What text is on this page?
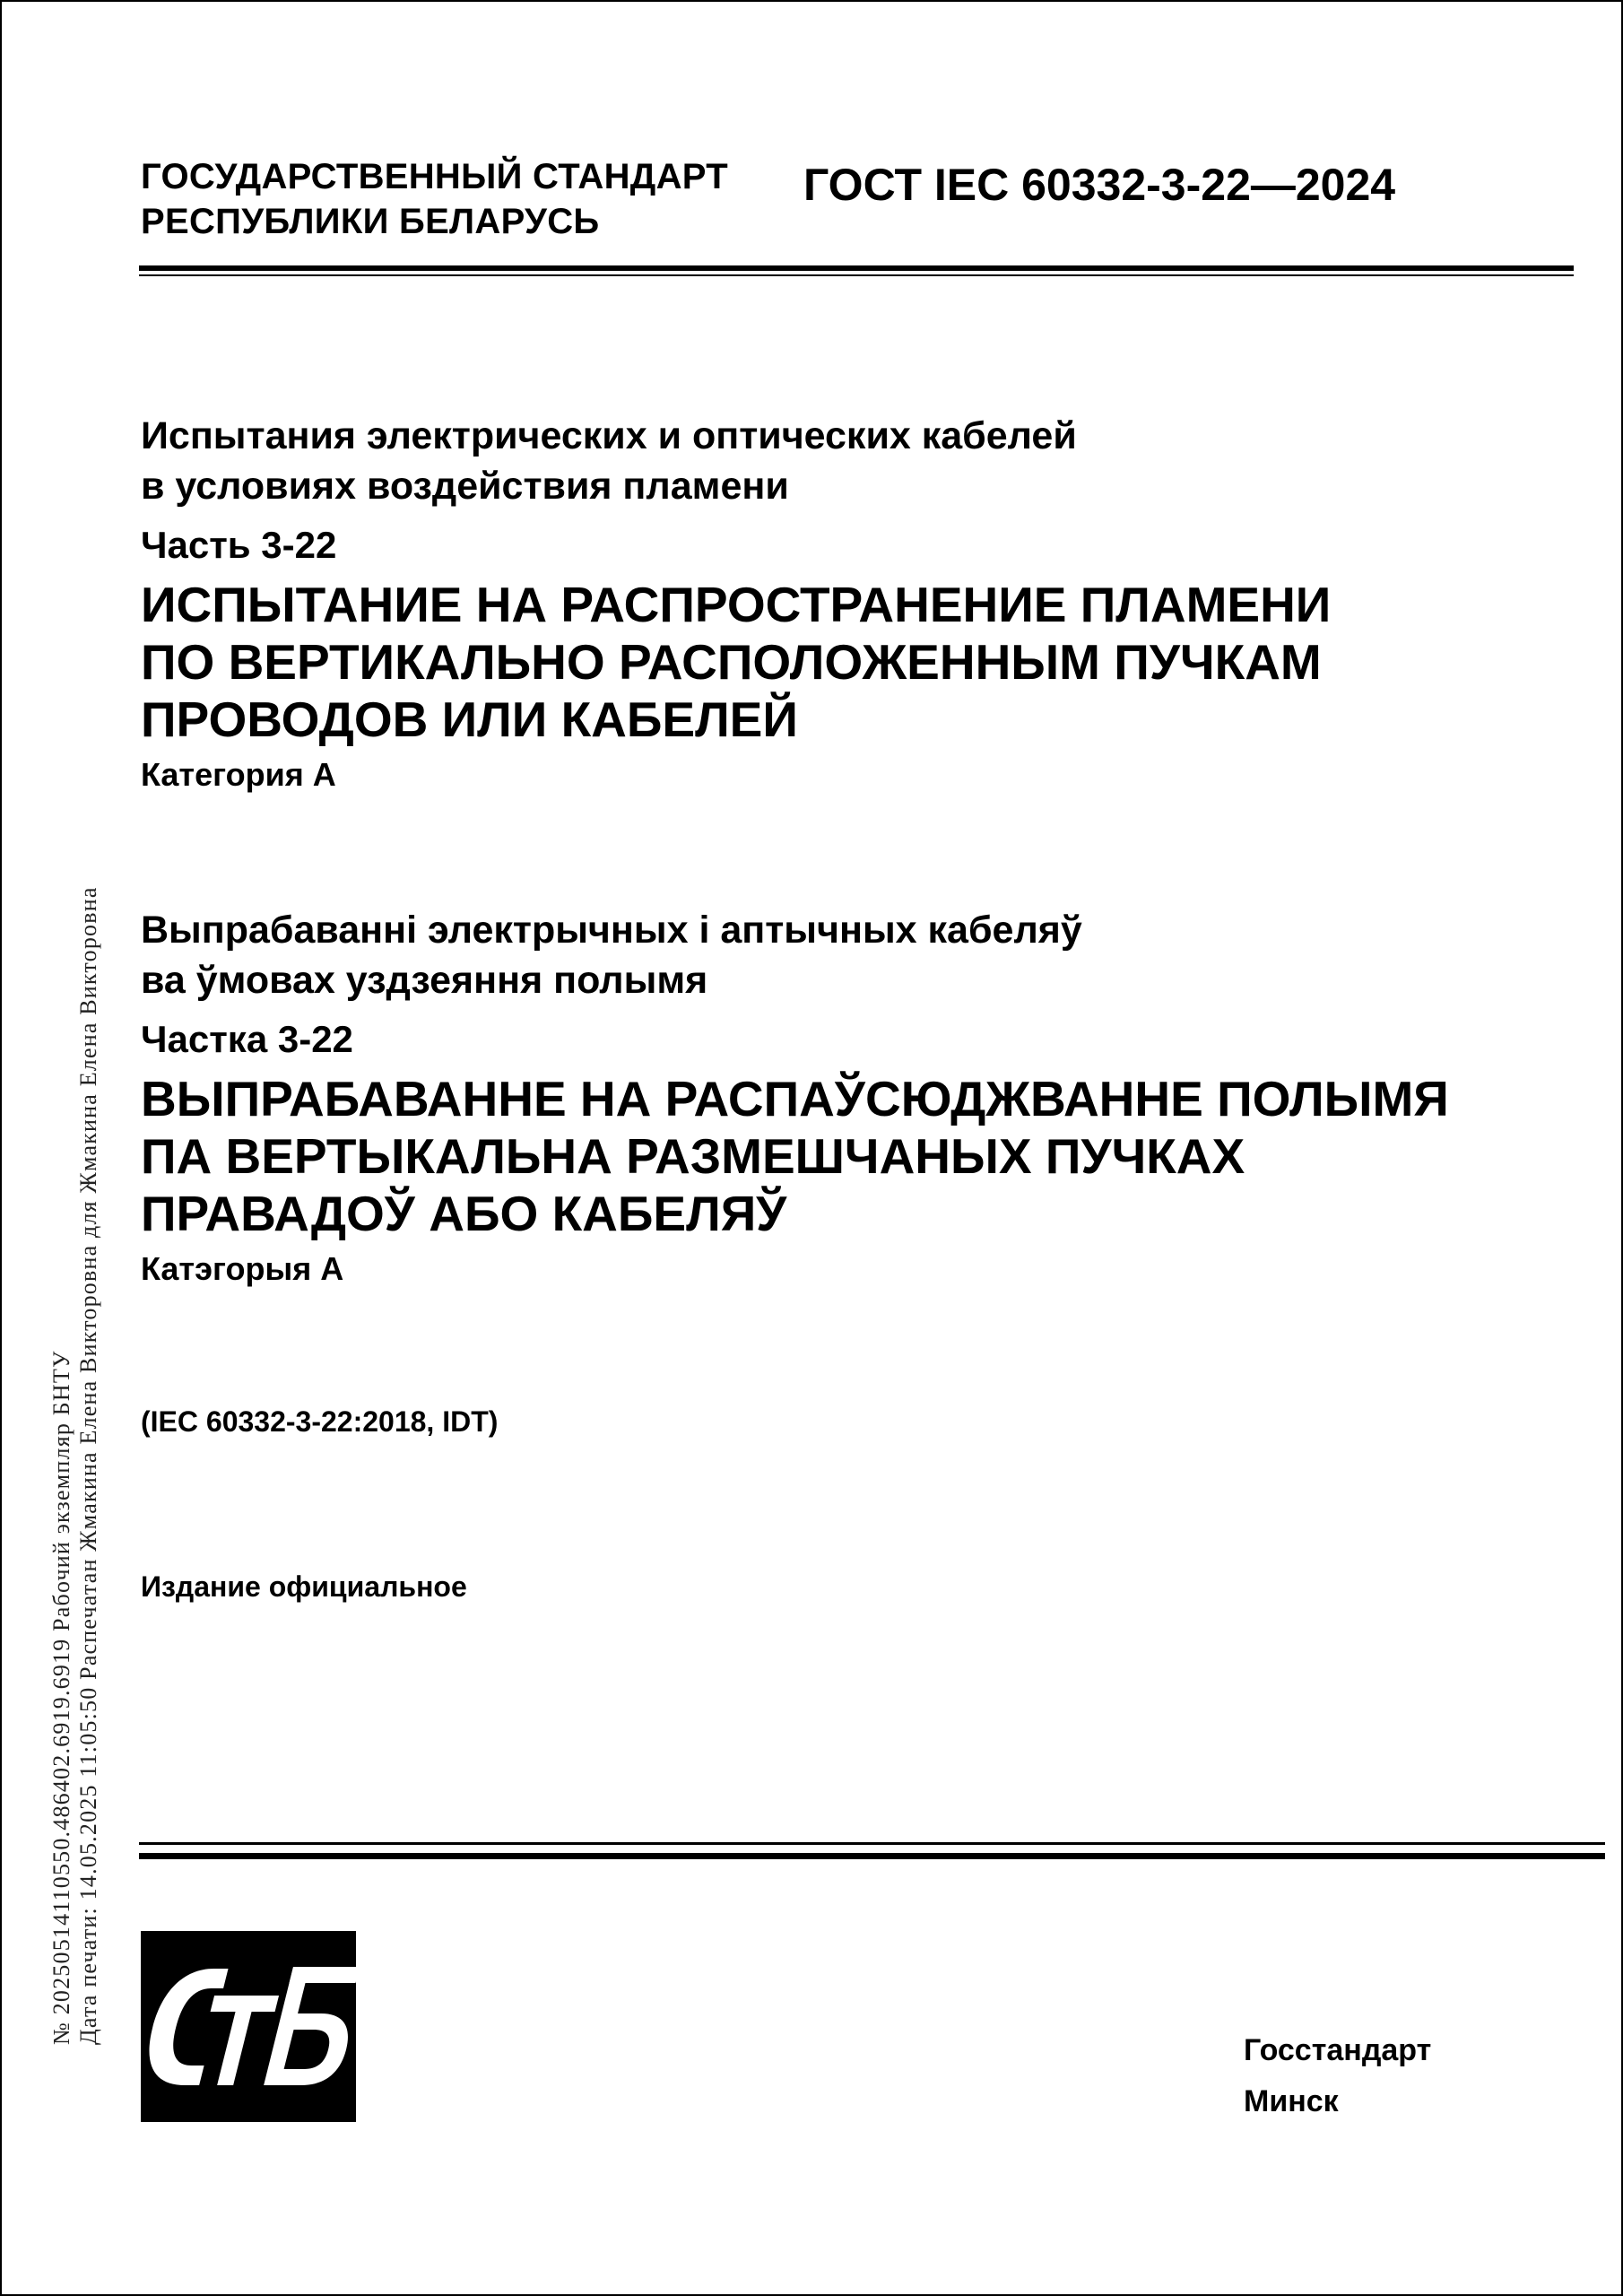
ГОСУДАРСТВЕННЫЙ СТАНДАРТ
РЕСПУБЛИКИ БЕЛАРУСЬ
ГОСТ IEC 60332-3-22—2024
Испытания электрических и оптических кабелей
в условиях воздействия пламени
Часть 3-22
ИСПЫТАНИЕ НА РАСПРОСТРАНЕНИЕ ПЛАМЕНИ
ПО ВЕРТИКАЛЬНО РАСПОЛОЖЕННЫМ ПУЧКАМ
ПРОВОДОВ ИЛИ КАБЕЛЕЙ
Категория А
Выпрабаванні электрычных і аптычных кабеляў
ва ўмовах уздзеяння полымя
Частка 3-22
ВЫПРАБАВАННЕ НА РАСПАЎСЮДЖВАННЕ ПОЛЫМЯ
ПА ВЕРТЫКАЛЬНА РАЗМЕШЧАНЫХ ПУЧКАХ
ПРАВАДОЎ АБО КАБЕЛЯЎ
Катэгорыя А
(IEC 60332-3-22:2018, IDT)
Издание официальное
№ 20250514110550.486402.6919.6919 Рабочий экземпляр БНТУ Дата печати: 14.05.2025 11:05:50 Распечатан Жмакина Елена Викторовна для Жмакина Елена Викторовна
Госстандарт
Минск
